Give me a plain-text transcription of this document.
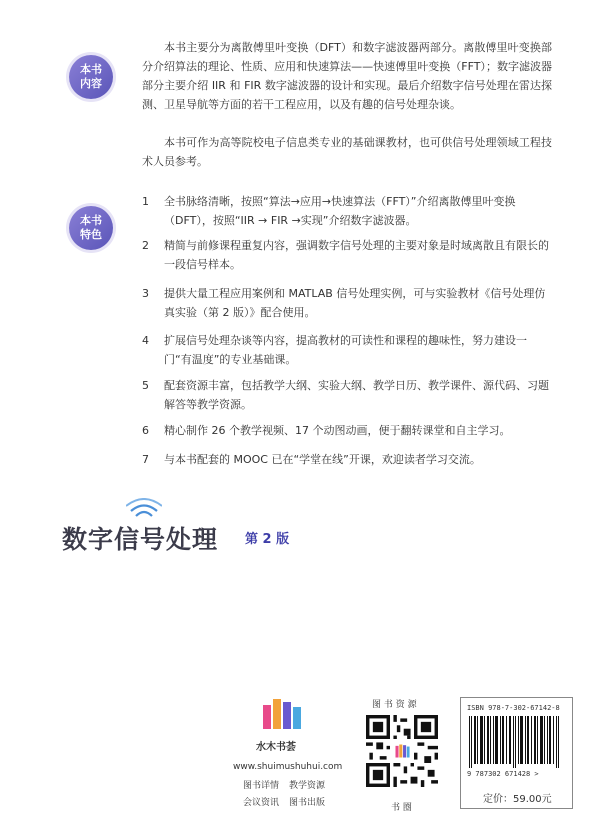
本书
内容
本书主要分为离散傅里叶变换（DFT）和数字滤波器两部分。离散傅里叶变换部分介绍算法的理论、性质、应用和快速算法——快速傅里叶变换（FFT）；数字滤波器部分主要介绍 IIR 和 FIR 数字滤波器的设计和实现。最后介绍数字信号处理在雷达探测、卫星导航等方面的若干工程应用，以及有趣的信号处理杂谈。
本书可作为高等院校电子信息类专业的基础课教材，也可供信号处理领域工程技术人员参考。
本书
特色
1	全书脉络清晰，按照“算法→应用→快速算法（FFT）”介绍离散傅里叶变换（DFT），按照“IIR → FIR →实现”介绍数字滤波器。
2	精简与前修课程重复内容，强调数字信号处理的主要对象是时域离散且有限长的一段信号样本。
3	提供大量工程应用案例和 MATLAB 信号处理实例，可与实验教材《信号处理仿真实验（第 2 版）》配合使用。
4	扩展信号处理杂谈等内容，提高教材的可读性和课程的趣味性，努力建设一门“有温度”的专业基础课。
5	配套资源丰富，包括教学大纲、实验大纲、教学日历、教学课件、源代码、习题解答等教学资源。
6	精心制作 26 个教学视频、17 个动图动画，便于翻转课堂和自主学习。
7	与本书配套的 MOOC 已在“学堂在线”开课，欢迎读者学习交流。
数字信号处理 第 2 版
水木书荟
www.shuimushuhui.com
图书详情 教学资源
会议资讯 图书出版
图 书 资 源
书 圈
ISBN 978-7-302-67142-8
9 787302 671428 >
定价：59.00元
